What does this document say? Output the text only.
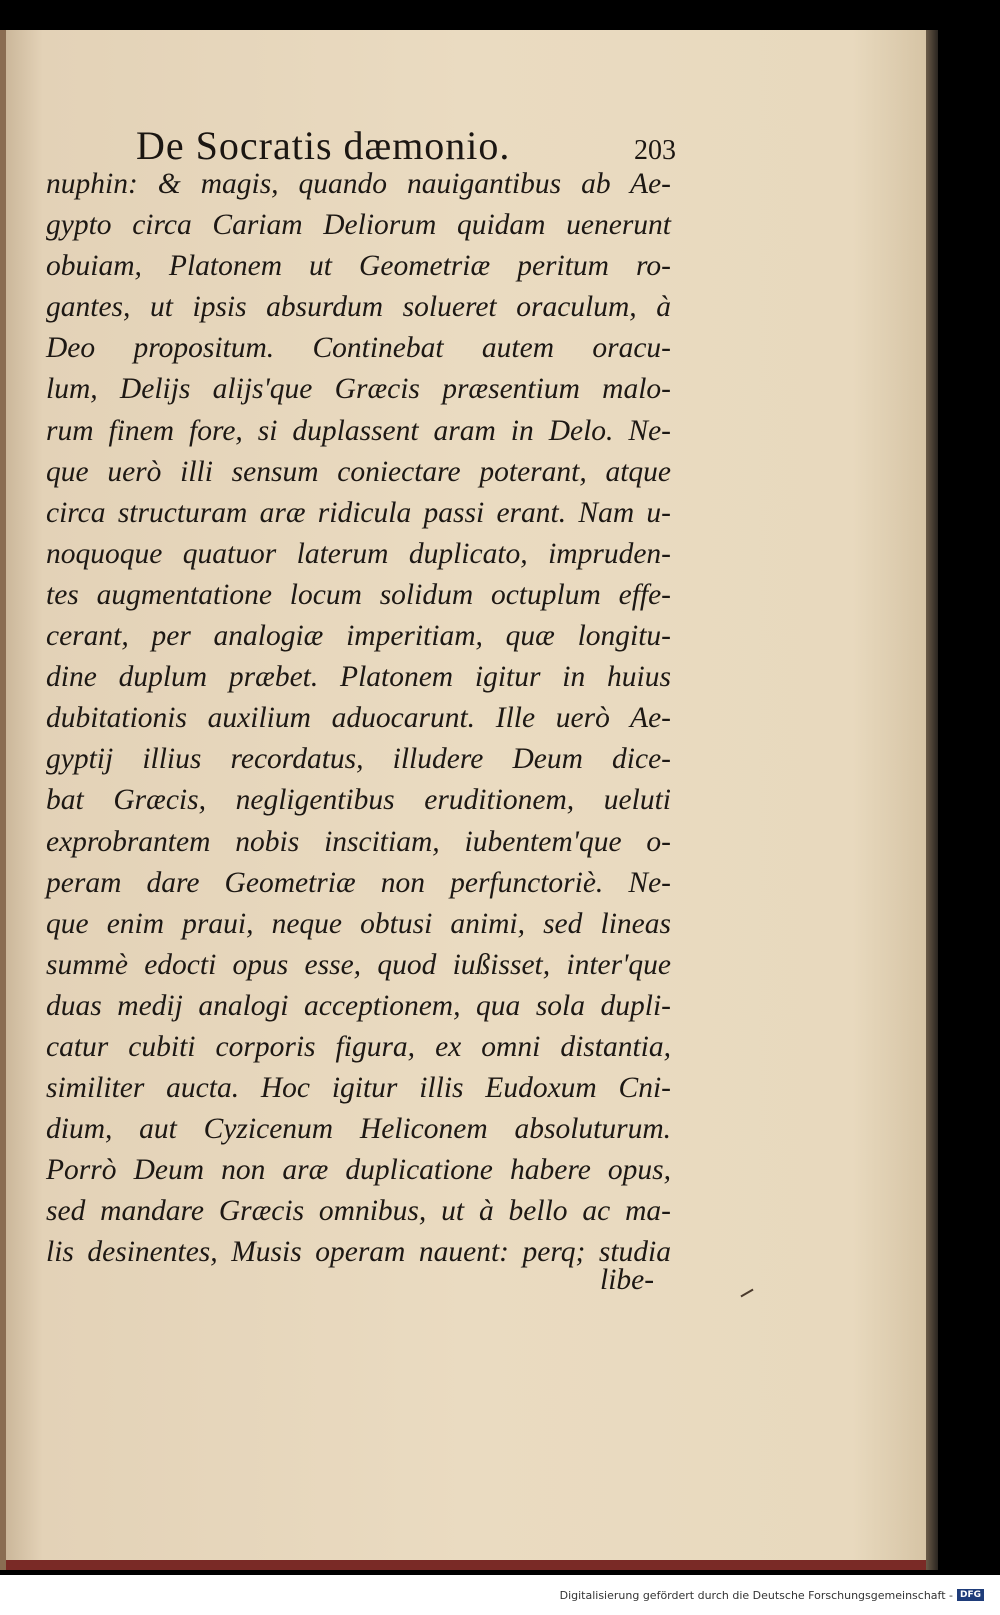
De Socratis dæmonio.	203
nuphin: & magis, quando nauigantibus ab Ae-
gypto circa Cariam Deliorum quidam uenerunt
obuiam, Platonem ut Geometriæ peritum ro-
gantes, ut ipsis absurdum solueret oraculum, à
Deo propositum. Continebat autem oracu-
lum, Delijs alijs'que Græcis præsentium malo-
rum finem fore, si duplassent aram in Delo. Ne-
que uerò illi sensum coniectare poterant, atque
circa structuram aræ ridicula passi erant. Nam u-
noquoque quatuor laterum duplicato, impruden-
tes augmentatione locum solidum octuplum effe-
cerant, per analogiæ imperitiam, quæ longitu-
dine duplum præbet. Platonem igitur in huius
dubitationis auxilium aduocarunt. Ille uerò Ae-
gyptij illius recordatus, illudere Deum dice-
bat Græcis, negligentibus eruditionem, ueluti
exprobrantem nobis inscitiam, iubentem'que o-
peram dare Geometriæ non perfunctoriè. Ne-
que enim praui, neque obtusi animi, sed lineas
summè edocti opus esse, quod iußisset, inter'que
duas medij analogi acceptionem, qua sola dupli-
catur cubiti corporis figura, ex omni distantia,
similiter aucta. Hoc igitur illis Eudoxum Cni-
dium, aut Cyzicenum Heliconem absoluturum.
Porrò Deum non aræ duplicatione habere opus,
sed mandare Græcis omnibus, ut à bello ac ma-
lis desinentes, Musis operam nauent: perq; studia
libe-
Digitalisierung gefördert durch die Deutsche Forschungsgemeinschaft - DFG
